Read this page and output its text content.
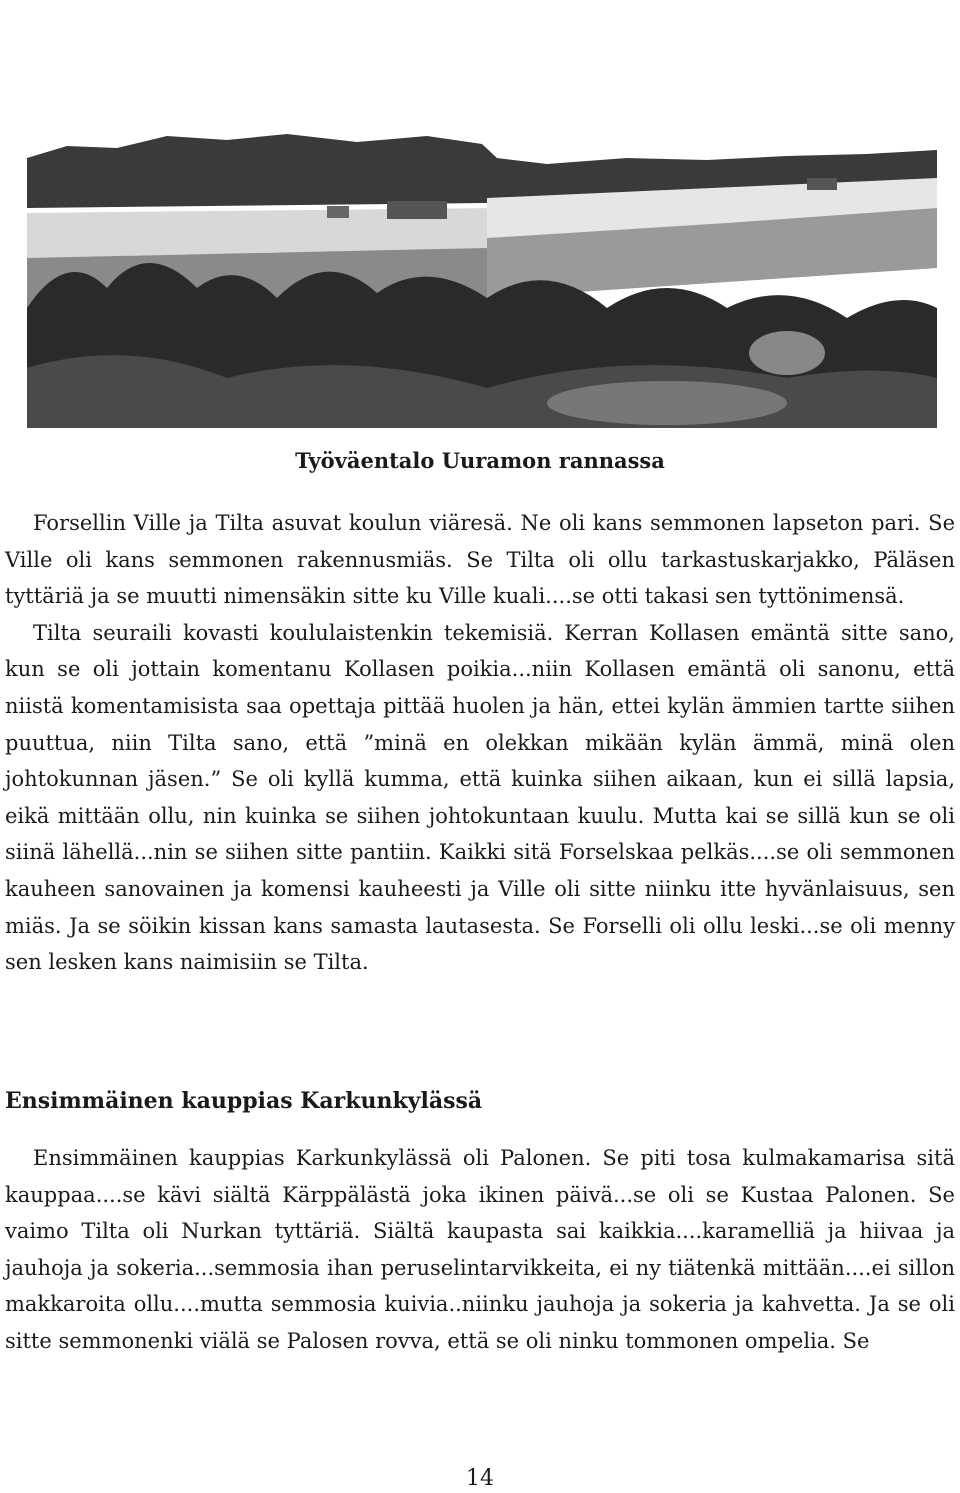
Työväentalo Uuramon rannassa

Forsellin Ville ja Tilta asuvat koulun viäresä. Ne oli kans semmonen lapseton pari. Se Ville oli kans semmonen rakennusmiäs. Se Tilta oli ollu tarkastuskarjakko, Päläsen tyttäriä ja se muutti nimensäkin sitte ku Ville kuali....se otti takasi sen tyttönimensä.

Tilta seuraili kovasti koululaistenkin tekemisiä. Kerran Kollasen emäntä sitte sano, kun se oli jottain komentanu Kollasen poikia...niin Kollasen emäntä oli sanonu, että niistä komentamisista saa opettaja pittää huolen ja hän, ettei kylän ämmien tartte siihen puuttua, niin Tilta sano, että ”minä en olekkan mikään kylän ämmä, minä olen johtokunnan jäsen.” Se oli kyllä kumma, että kuinka siihen aikaan, kun ei sillä lapsia, eikä mittään ollu, nin kuinka se siihen johtokuntaan kuulu. Mutta kai se sillä kun se oli siinä lähellä...nin se siihen sitte pantiin. Kaikki sitä Forselskaa pelkäs....se oli semmonen kauheen sanovainen ja komensi kauheesti ja Ville oli sitte niinku itte hyvänlaisuus, sen miäs. Ja se söikin kissan kans samasta lautasesta. Se Forselli oli ollu leski...se oli menny sen lesken kans naimisiin se Tilta.

Ensimmäinen kauppias Karkunkylässä

Ensimmäinen kauppias Karkunkylässä oli Palonen. Se piti tosa kulmakamarisa sitä kauppaa....se kävi siältä Kärppälästä joka ikinen päivä...se oli se Kustaa Palonen. Se vaimo Tilta oli Nurkan tyttäriä. Siältä kaupasta sai kaikkia....karamelliä ja hiivaa ja jauhoja ja sokeria...semmosia ihan peruselintarvikkeita, ei ny tiätenkä mittään....ei sillon makkaroita ollu....mutta semmosia kuivia..niinku jauhoja ja sokeria ja kahvetta. Ja se oli sitte semmonenki viälä se Palosen rovva, että se oli ninku tommonen ompelia. Se

14
